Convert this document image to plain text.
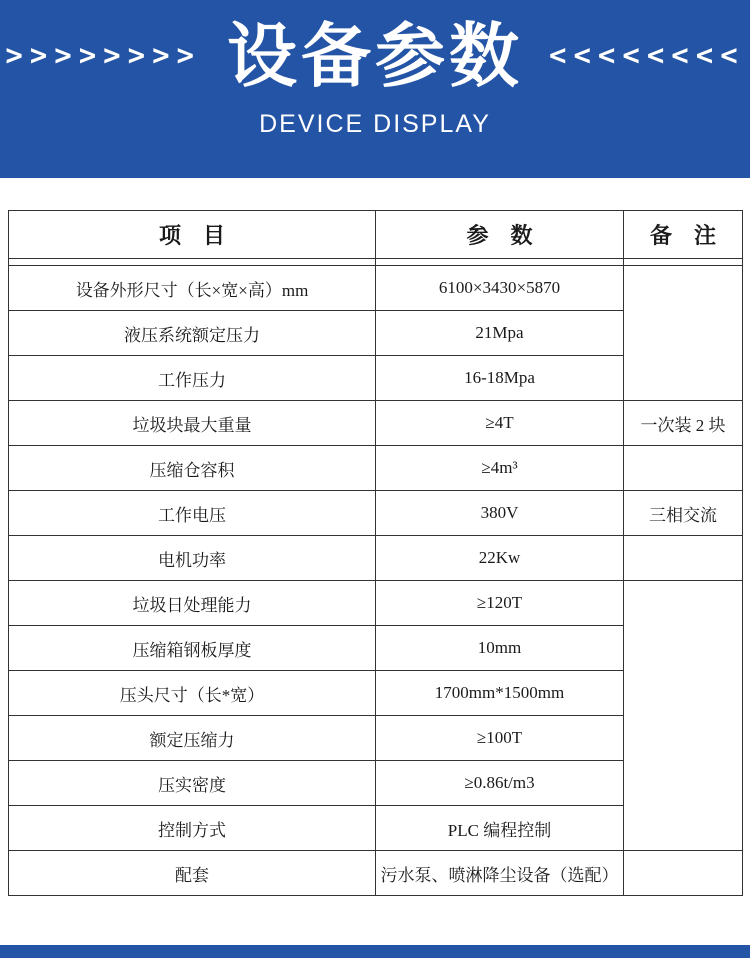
>>>>>>>> 设备参数 <<<<<<<<
DEVICE DISPLAY
项　目	参　数	备　注

设备外形尺寸（长×宽×高）mm	6100×3430×5870	
液压系统额定压力	21Mpa	
工作压力	16-18Mpa	
垃圾块最大重量	≥4T	一次装 2 块
压缩仓容积	≥4m³	
工作电压	380V	三相交流
电机功率	22Kw	
垃圾日处理能力	≥120T	
压缩箱钢板厚度	10mm	
压头尺寸（长*宽）	1700mm*1500mm	
额定压缩力	≥100T	
压实密度	≥0.86t/m3	
控制方式	PLC 编程控制	
配套	污水泵、喷淋降尘设备（选配）	
